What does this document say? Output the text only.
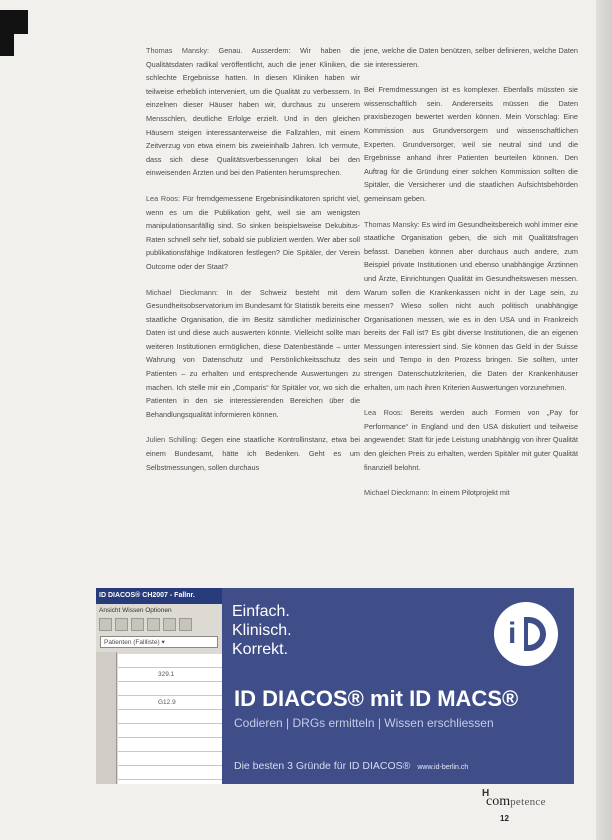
Thomas Mansky: Genau. Ausserdem: Wir haben die Qualitätsdaten radikal veröffentlicht, auch die jener Kliniken, die schlechte Ergebnisse hatten. In diesen Kliniken haben wir teilweise erheblich interveniert, um die Qualität zu verbessern. In einzelnen dieser Häuser haben wir, durchaus zu unserem Mensschlen, deutliche Erfolge erzielt. Und in den gleichen Häusern steigen interessanterweise die Fallzahlen, mit einem Zeitverzug von etwa einem bis zweieinhalb Jahren. Ich vermute, dass sich diese Qualitätsverbesserungen lokal bei den einweisenden Ärzten und bei den Patienten herumsprechen.

Lea Roos: Für fremdgemessene Ergebnisindikatoren spricht viel, wenn es um die Publikation geht, weil sie am wenigsten manipulationsanfällig sind. So sinken beispielsweise Dekubitus-Raten schnell sehr tief, sobald sie publiziert werden. Wer aber soll publikationsfähige Indikatoren festlegen? Die Spitäler, der Verein Outcome oder der Staat?

Michael Dieckmann: In der Schweiz besteht mit dem Gesundheitsobservatorium im Bundesamt für Statistik bereits eine staatliche Organisation, die im Besitz sämtlicher medizinischer Daten ist und diese auch auswerten könnte. Vielleicht sollte man weiteren Institutionen ermöglichen, diese Datenbestände – unter Wahrung von Datenschutz und Persönlichkeitsschutz des Patienten – zu erhalten und entsprechende Auswertungen zu machen. Ich stelle mir ein „Comparis“ für Spitäler vor, wo sich die Patienten in den sie interessierenden Bereichen über die Behandlungsqualität informieren können.

Julien Schilling: Gegen eine staatliche Kontrollinstanz, etwa bei einem Bundesamt, hätte ich Bedenken. Geht es um Selbstmessungen, sollen durchaus

jene, welche die Daten benützen, selber definieren, welche Daten sie interessieren.

Bei Fremdmessungen ist es komplexer. Ebenfalls müssten sie wissenschaftlich sein. Andererseits müssen die Daten praxisbezogen bewertet werden können. Mein Vorschlag: Eine Kommission aus Grundversorgern und wissenschaftlichen Experten. Grundversorger, weil sie neutral sind und die Ergebnisse anhand ihrer Patienten beurteilen können. Den Auftrag für die Gründung einer solchen Kommission sollten die Spitäler, die Versicherer und die staatlichen Aufsichtsbehörden gemeinsam geben.

Thomas Mansky: Es wird im Gesundheitsbereich wohl immer eine staatliche Organisation geben, die sich mit Qualitätsfragen befasst. Daneben können aber durchaus auch andere, zum Beispiel private Institutionen und ebenso unabhängige Ärztinnen und Ärzte, Einrichtungen Qualität im Gesundheitswesen messen. Warum sollen die Krankenkassen nicht in der Lage sein, zu messen? Wieso sollen nicht auch politisch unabhängige Organisationen messen, wie es in den USA und in Frankreich bereits der Fall ist? Es gibt diverse Institutionen, die an eigenen Messungen interessiert sind. Sie können das Geld in der Suisse sein und Tempo in den Prozess bringen. Sie sollten, unter strengen Datenschutzkriterien, die Daten der Krankenhäuser erhalten, um nach ihren Kriterien Auswertungen vorzunehmen.

Lea Roos: Bereits werden auch Formen von „Pay for Performance“ in England und den USA diskutiert und teilweise angewendet: Statt für jede Leistung unabhängig von ihrer Qualität den gleichen Preis zu erhalten, werden Spitäler mit guter Qualität finanziell belohnt.

Michael Dieckmann: In einem Pilotprojekt mit

ID DIACOS® CH2007 - Fallnr.
Ansicht Wissen Optionen
Patienten (Fallliste) ▾
329.1
G12.9
Einfach.
Klinisch.
Korrekt.	i
ID DIACOS® mit ID MACS®
Codieren | DRGs ermitteln | Wissen erschliessen
Die besten 3 Gründe für ID DIACOS® www.id-berlin.ch
H
competence
12
